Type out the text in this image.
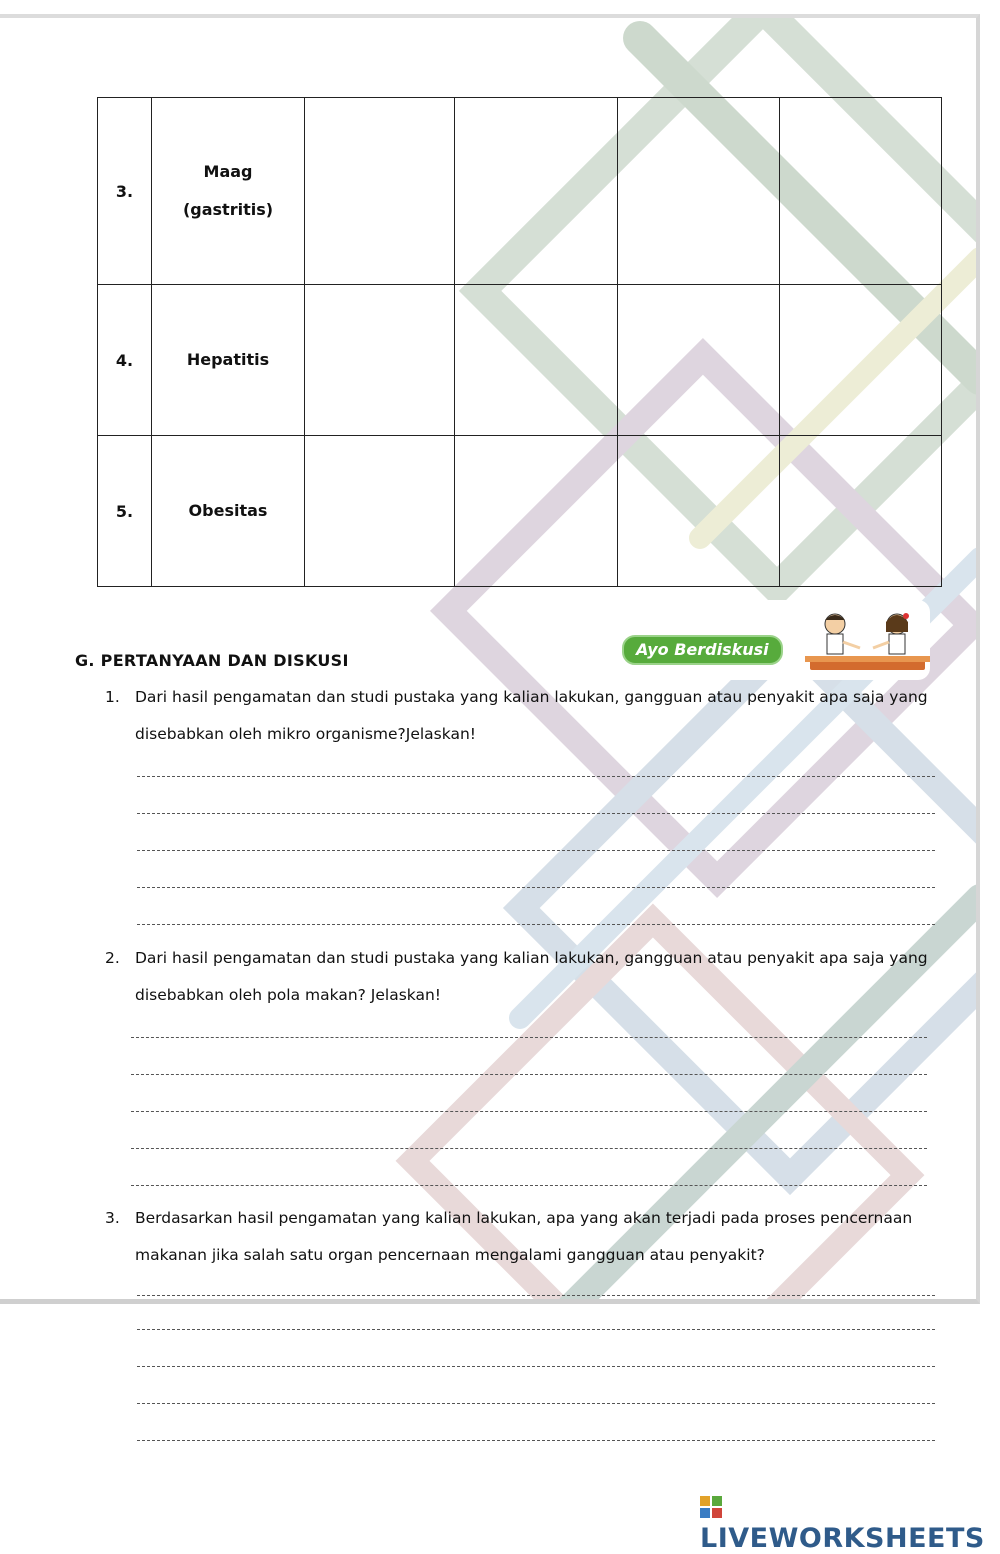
3.	Maag
(gastritis)				

4.	Hepatitis				
5.	Obesitas				
Ayo Berdiskusi
G. PERTANYAAN DAN DISKUSI
1. Dari hasil pengamatan dan studi pustaka yang kalian lakukan, gangguan atau penyakit apa saja yang
disebabkan oleh mikro organisme?Jelaskan!
2. Dari hasil pengamatan dan studi pustaka yang kalian lakukan, gangguan atau penyakit apa saja yang
disebabkan oleh pola makan? Jelaskan!
3. Berdasarkan hasil pengamatan yang kalian lakukan, apa yang akan terjadi pada proses pencernaan
makanan jika salah satu organ pencernaan mengalami gangguan atau penyakit?
LIVEWORKSHEETS
